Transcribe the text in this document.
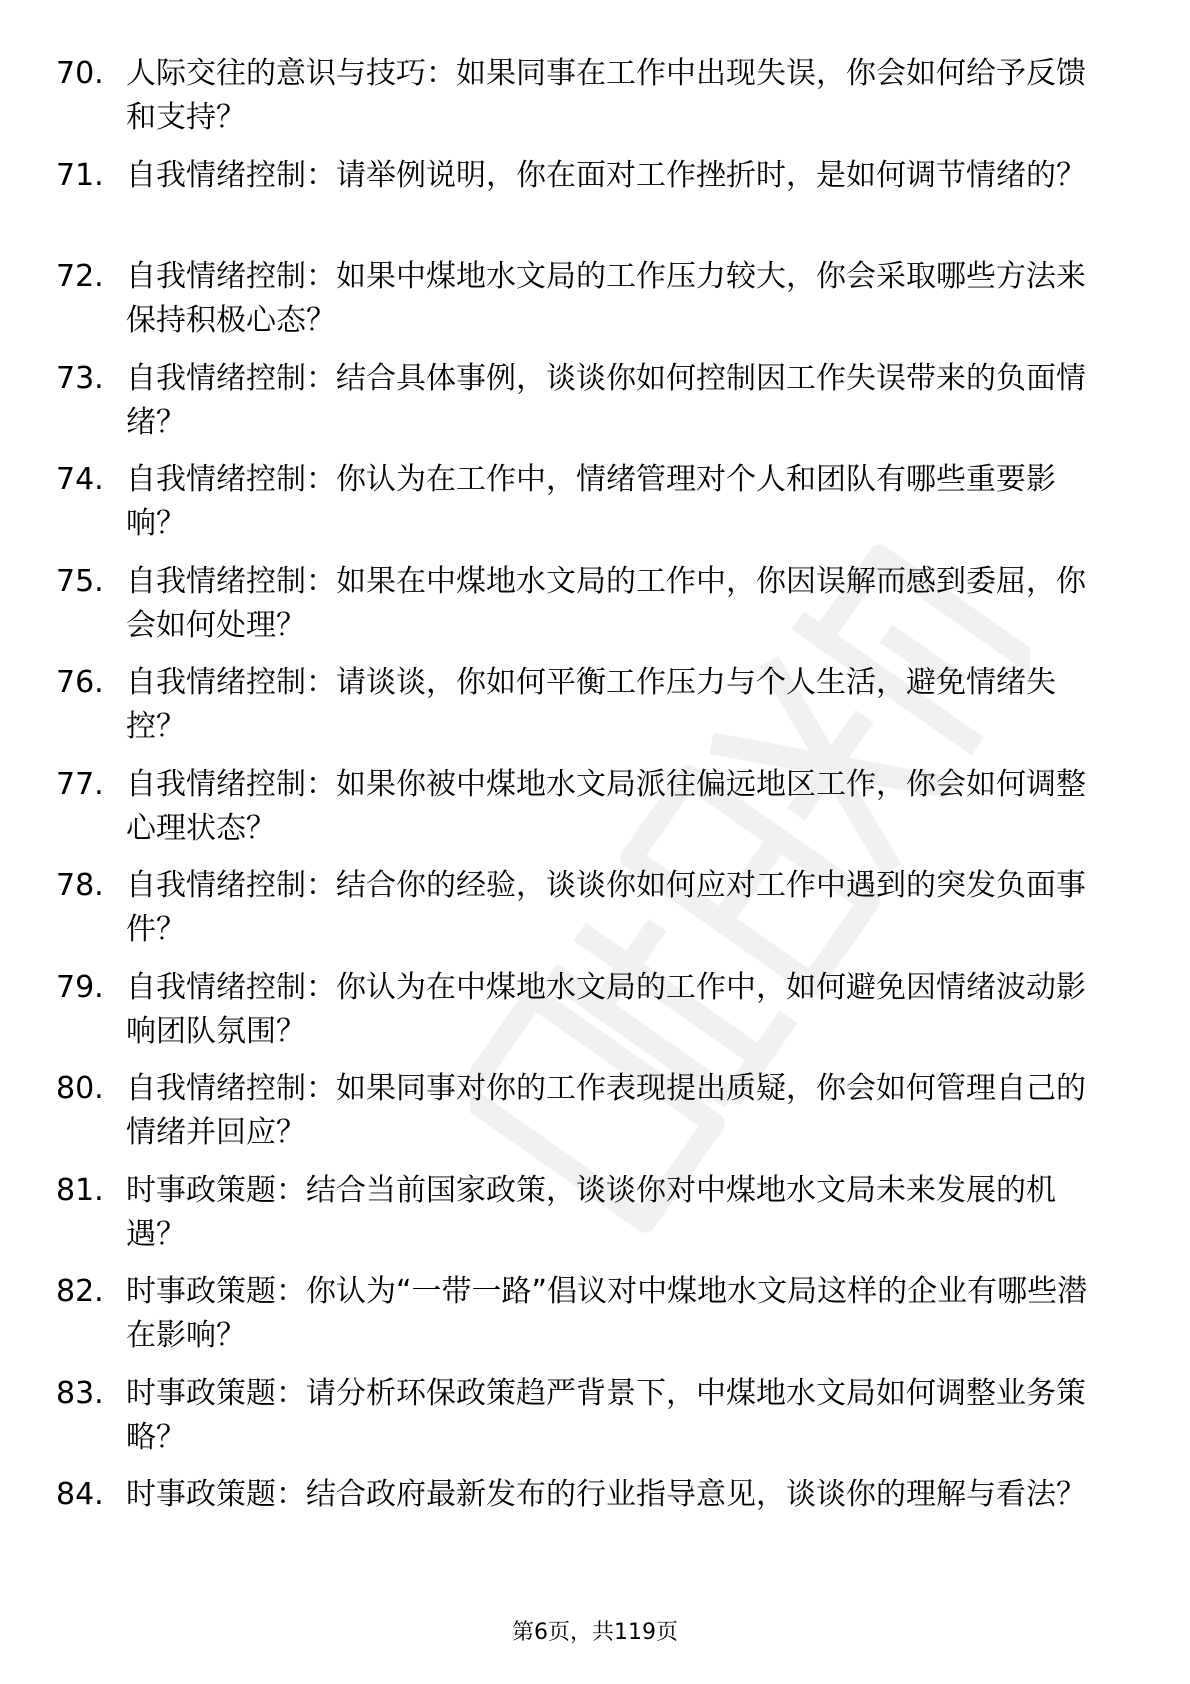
70. 人际交往的意识与技巧：如果同事在工作中出现失误，你会如何给予反馈和支持？
71. 自我情绪控制：请举例说明，你在面对工作挫折时，是如何调节情绪的？
72. 自我情绪控制：如果中煤地水文局的工作压力较大，你会采取哪些方法来保持积极心态？
73. 自我情绪控制：结合具体事例，谈谈你如何控制因工作失误带来的负面情绪？
74. 自我情绪控制：你认为在工作中，情绪管理对个人和团队有哪些重要影响？
75. 自我情绪控制：如果在中煤地水文局的工作中，你因误解而感到委屈，你会如何处理？
76. 自我情绪控制：请谈谈，你如何平衡工作压力与个人生活，避免情绪失控？
77. 自我情绪控制：如果你被中煤地水文局派往偏远地区工作，你会如何调整心理状态？
78. 自我情绪控制：结合你的经验，谈谈你如何应对工作中遇到的突发负面事件？
79. 自我情绪控制：你认为在中煤地水文局的工作中，如何避免因情绪波动影响团队氛围？
80. 自我情绪控制：如果同事对你的工作表现提出质疑，你会如何管理自己的情绪并回应？
81. 时事政策题：结合当前国家政策，谈谈你对中煤地水文局未来发展的机遇？
82. 时事政策题：你认为“一带一路”倡议对中煤地水文局这样的企业有哪些潜在影响？
83. 时事政策题：请分析环保政策趋严背景下，中煤地水文局如何调整业务策略？
84. 时事政策题：结合政府最新发布的行业指导意见，谈谈你的理解与看法？
第6页，共119页
